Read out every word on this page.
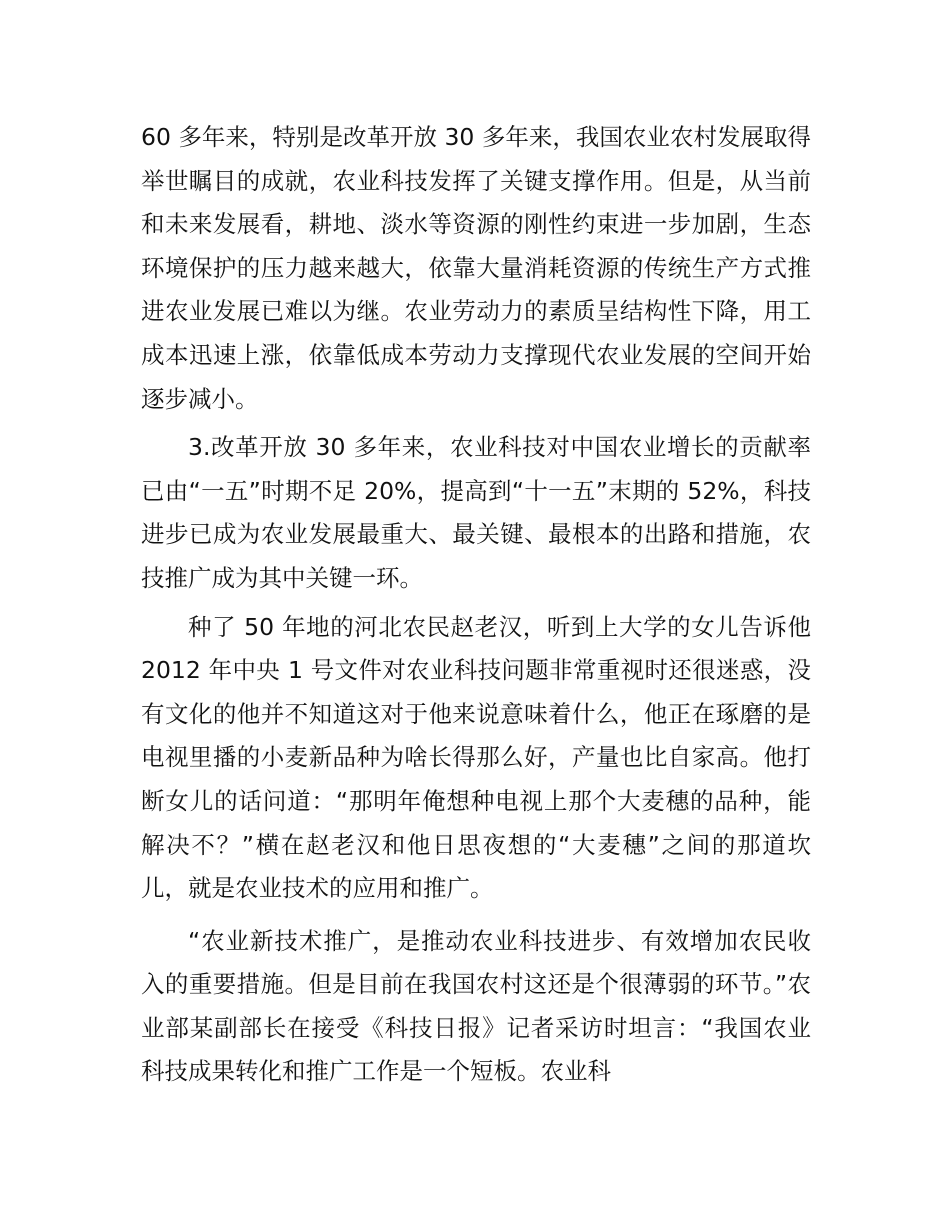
60 多年来，特别是改革开放 30 多年来，我国农业农村发展取得举世瞩目的成就，农业科技发挥了关键支撑作用。但是，从当前和未来发展看，耕地、淡水等资源的刚性约束进一步加剧，生态环境保护的压力越来越大，依靠大量消耗资源的传统生产方式推进农业发展已难以为继。农业劳动力的素质呈结构性下降，用工成本迅速上涨，依靠低成本劳动力支撑现代农业发展的空间开始逐步减小。

3.改革开放 30 多年来，农业科技对中国农业增长的贡献率已由“一五”时期不足 20%，提高到“十一五”末期的 52%，科技进步已成为农业发展最重大、最关键、最根本的出路和措施，农技推广成为其中关键一环。

种了 50 年地的河北农民赵老汉，听到上大学的女儿告诉他 2012 年中央 1 号文件对农业科技问题非常重视时还很迷惑，没有文化的他并不知道这对于他来说意味着什么，他正在琢磨的是电视里播的小麦新品种为啥长得那么好，产量也比自家高。他打断女儿的话问道：“那明年俺想种电视上那个大麦穗的品种，能解决不？”横在赵老汉和他日思夜想的“大麦穗”之间的那道坎儿，就是农业技术的应用和推广。

“农业新技术推广，是推动农业科技进步、有效增加农民收入的重要措施。但是目前在我国农村这还是个很薄弱的环节。”农业部某副部长在接受《科技日报》记者采访时坦言：“我国农业科技成果转化和推广工作是一个短板。农业科
